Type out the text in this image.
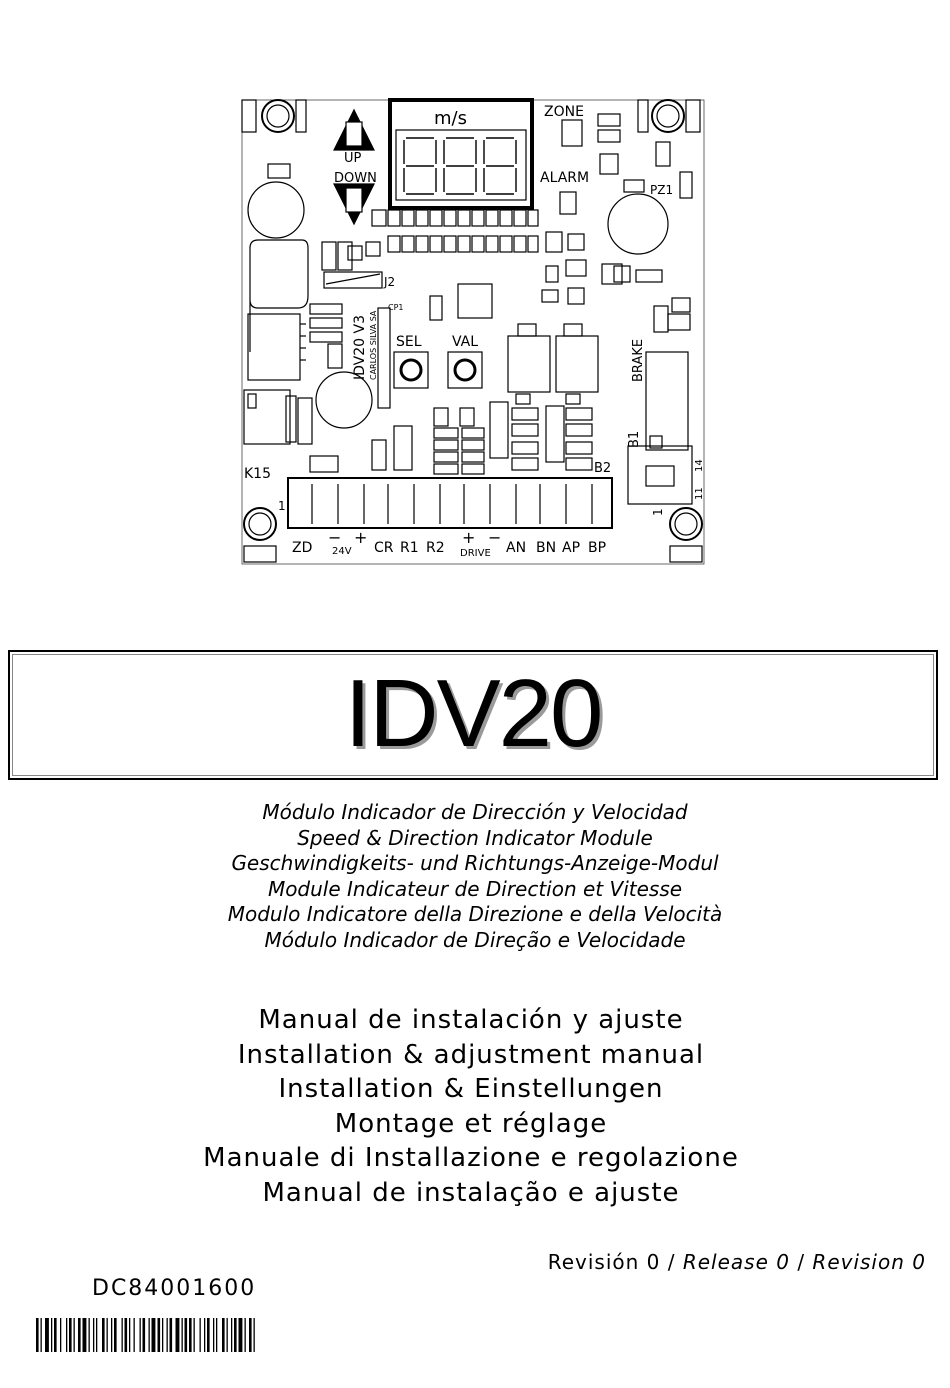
m/s	ZONE
UP
DOWN	ALARM
PZ1
J2
CP1
IDV20 V3 CARLOS SILVA SA SEL VAL	BRAKE
B1
B2
K15
1	1
11
14
ZD 24V CR R1 R2 DRIVE AN BN AP BP
− +	+ −
IDV20
Módulo Indicador de Dirección y Velocidad
Speed & Direction Indicator Module
Geschwindigkeits- und Richtungs-Anzeige-Modul
Module Indicateur de Direction et Vitesse
Modulo Indicatore della Direzione e della Velocità
Módulo Indicador de Direção e Velocidade
Manual de instalación y ajuste
Installation & adjustment manual
Installation & Einstellungen
Montage et réglage
Manuale di Installazione e regolazione
Manual de instalação e ajuste
Revisión 0 / Release 0 / Revision 0
DC84001600
